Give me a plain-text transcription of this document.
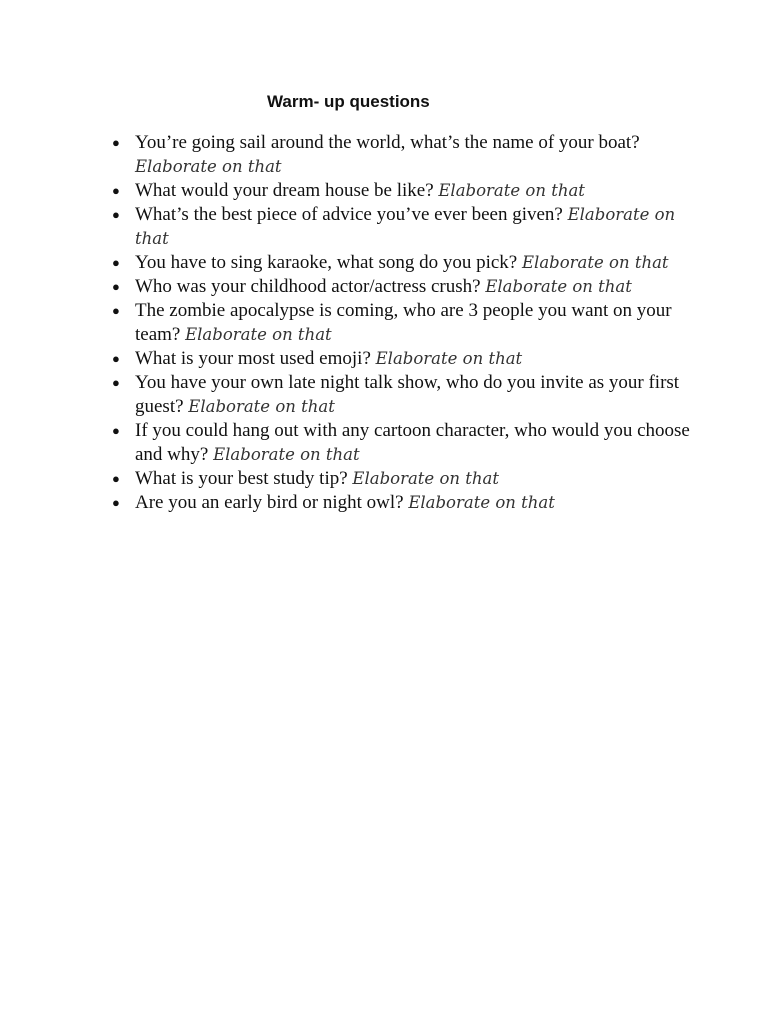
Warm- up questions
● You’re going sail around the world, what’s the name of your boat? Elaborate on that
● What would your dream house be like? Elaborate on that
● What’s the best piece of advice you’ve ever been given? Elaborate on that
● You have to sing karaoke, what song do you pick? Elaborate on that
● Who was your childhood actor/actress crush? Elaborate on that
● The zombie apocalypse is coming, who are 3 people you want on your team? Elaborate on that
● What is your most used emoji? Elaborate on that
● You have your own late night talk show, who do you invite as your first guest? Elaborate on that
● If you could hang out with any cartoon character, who would you choose and why? Elaborate on that
● What is your best study tip? Elaborate on that
● Are you an early bird or night owl? Elaborate on that
